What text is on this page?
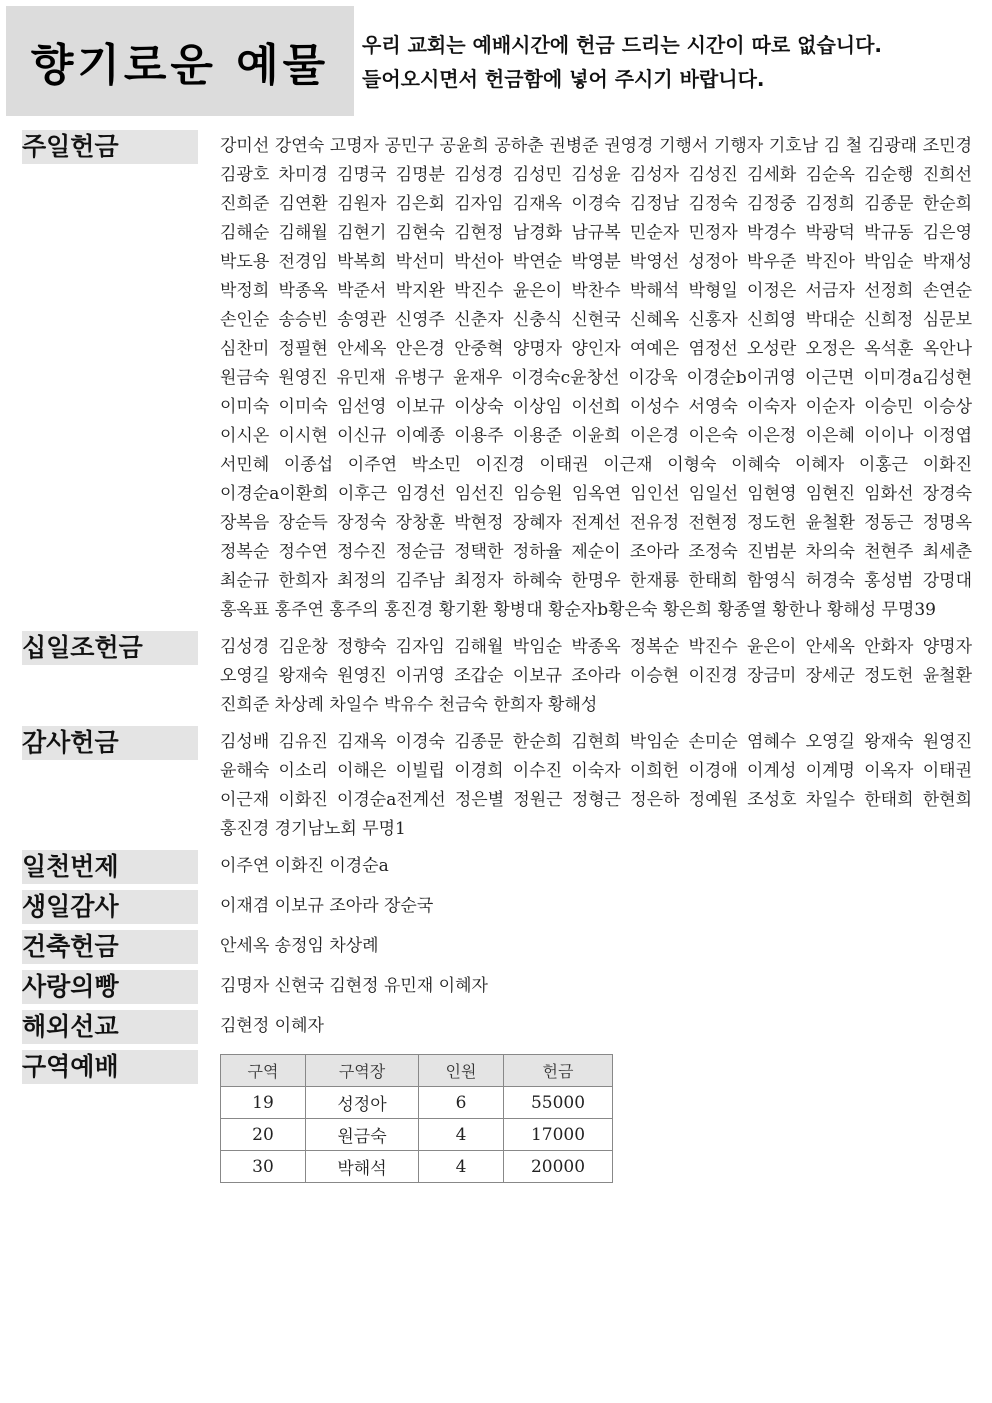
향기로운 예물 우리 교회는 예배시간에 헌금 드리는 시간이 따로 없습니다.
들어오시면서 헌금함에 넣어 주시기 바랍니다.
주일헌금	강미선 강연숙 고명자 공민구 공윤희 공하춘 권병준 권영경 기행서 기행자 기호남 김 철 김광래 조민경 김광호 차미경 김명국 김명분 김성경 김성민 김성윤 김성자 김성진 김세화 김순옥 김순행 진희선 진희준 김연환 김원자 김은회 김자임 김재옥 이경숙 김정남 김정숙 김정중 김정희 김종문 한순희 김해순 김해월 김현기 김현숙 김현정 남경화 남규복 민순자 민정자 박경수 박광덕 박규동 김은영 박도용 전경임 박복희 박선미 박선아 박연순 박영분 박영선 성정아 박우준 박진아 박임순 박재성 박정희 박종옥 박준서 박지완 박진수 윤은이 박찬수 박해석 박형일 이정은 서금자 선정희 손연순 손인순 송승빈 송영관 신영주 신춘자 신충식 신현국 신혜옥 신홍자 신희영 박대순 신희정 심문보 심찬미 정필현 안세옥 안은경 안중혁 양명자 양인자 여예은 염정선 오성란 오정은 옥석훈 옥안나 원금숙 원영진 유민재 유병구 윤재우 이경숙c윤창선 이강욱 이경순b이귀영 이근면 이미경a김성현 이미숙 이미숙 임선영 이보규 이상숙 이상임 이선희 이성수 서영숙 이숙자 이순자 이승민 이승상 이시온 이시현 이신규 이예종 이용주 이용준 이윤희 이은경 이은숙 이은정 이은혜 이이나 이정엽 서민혜 이종섭 이주연 박소민 이진경 이태권 이근재 이형숙 이혜숙 이혜자 이홍근 이화진 이경순a이환희 이후근 임경선 임선진 임승원 임옥연 임인선 임일선 임현영 임현진 임화선 장경숙 장복음 장순득 장정숙 장창훈 박현정 장혜자 전계선 전유정 전현정 정도헌 윤철환 정동근 정명옥 정복순 정수연 정수진 정순금 정택한 정하율 제순이 조아라 조정숙 진범분 차의숙 천현주 최세춘 최순규 한희자 최정의 김주남 최정자 하혜숙 한명우 한재룡 한태희 함영식 허경숙 홍성범 강명대 홍옥표 홍주연 홍주의 홍진경 황기환 황병대 황순자b황은숙 황은희 황종열 황한나 황해성 무명39
십일조헌금	김성경 김운창 정향숙 김자임 김해월 박임순 박종옥 정복순 박진수 윤은이 안세옥 안화자 양명자 오영길 왕재숙 원영진 이귀영 조갑순 이보규 조아라 이승현 이진경 장금미 장세군 정도헌 윤철환 진희준 차상례 차일수 박유수 천금숙 한희자 황해성
감사헌금	김성배 김유진 김재옥 이경숙 김종문 한순희 김현희 박임순 손미순 염혜수 오영길 왕재숙 원영진 윤해숙 이소리 이해은 이빌립 이경희 이수진 이숙자 이희헌 이경애 이계성 이계명 이옥자 이태권 이근재 이화진 이경순a전계선 정은별 정원근 정형근 정은하 정예원 조성호 차일수 한태희 한현희 홍진경 경기남노회 무명1
일천번제	이주연 이화진 이경순a
생일감사	이재겸 이보규 조아라 장순국
건축헌금	안세옥 송정임 차상례
사랑의빵	김명자 신현국 김현정 유민재 이혜자
해외선교	김현정 이혜자
구역예배	구역	구역장	인원	헌금
19	성정아	6	55000
20	원금숙	4	17000
30	박해석	4	20000
